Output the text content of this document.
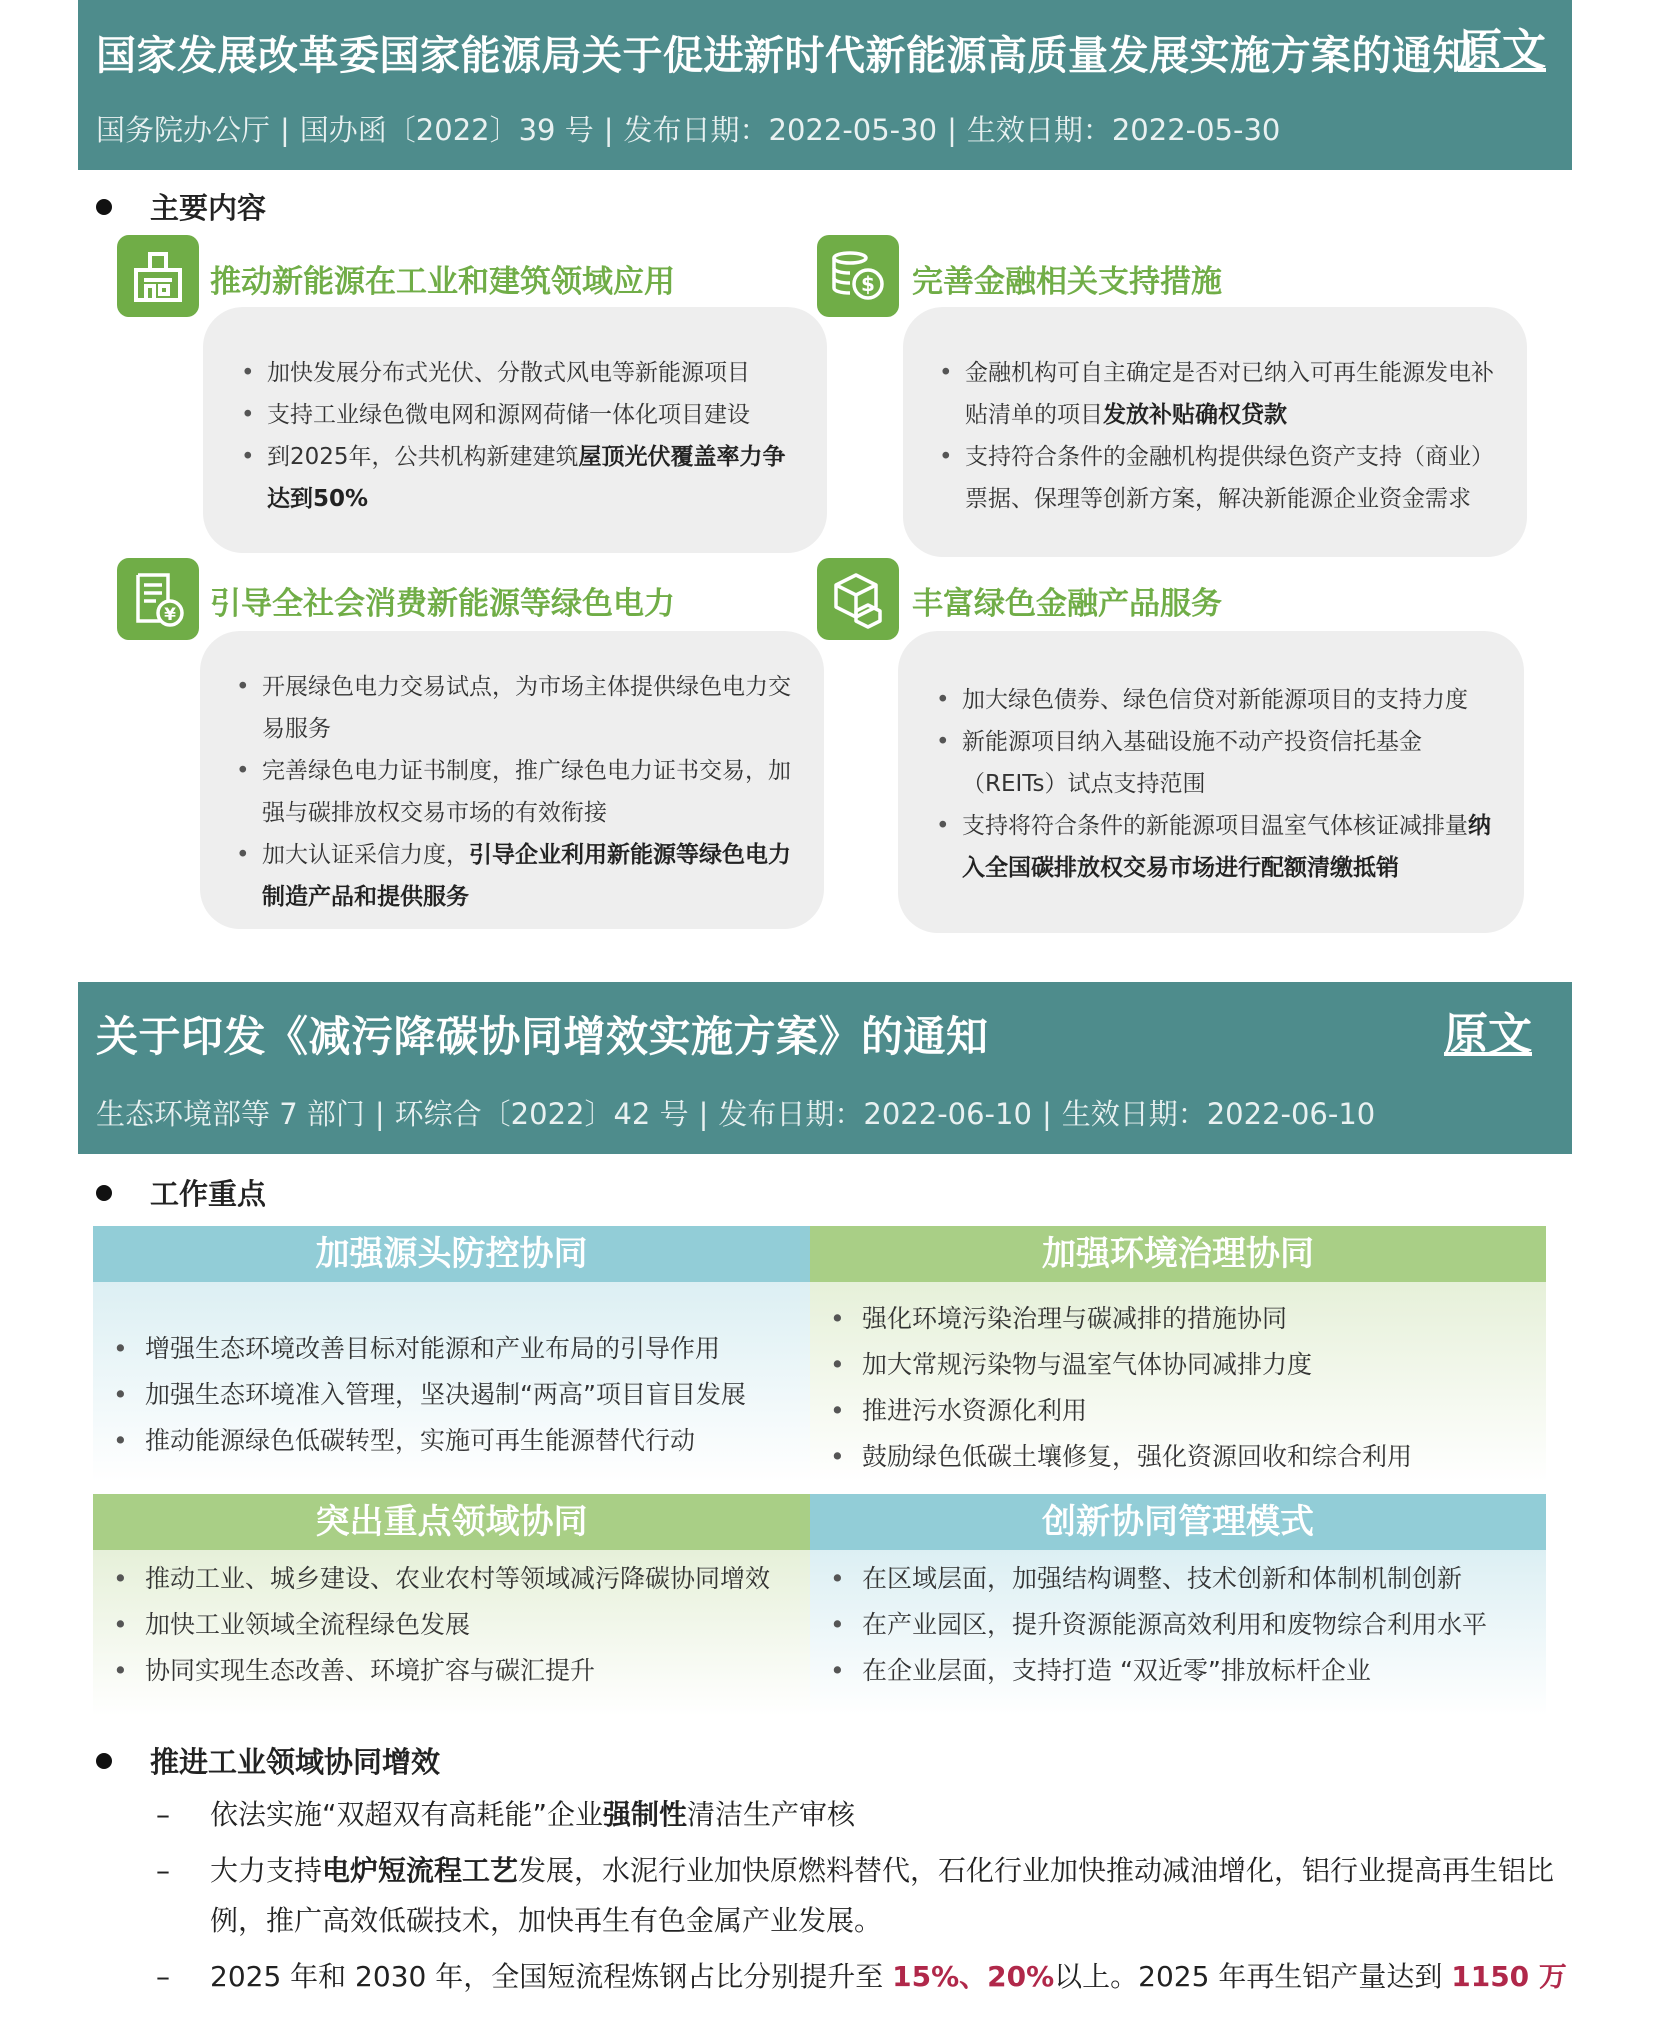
国家发展改革委国家能源局关于促进新时代新能源高质量发展实施方案的通知
原文
国务院办公厅 | 国办函〔2022〕39 号 | 发布日期：2022-05-30 | 生效日期：2022-05-30
主要内容
推动新能源在工业和建筑领域应用
• 加快发展分布式光伏、分散式风电等新能源项目
• 支持工业绿色微电网和源网荷储一体化项目建设
• 到2025年，公共机构新建建筑屋顶光伏覆盖率力争达到50%
$ 完善金融相关支持措施
• 金融机构可自主确定是否对已纳入可再生能源发电补贴清单的项目发放补贴确权贷款
• 支持符合条件的金融机构提供绿色资产支持（商业）票据、保理等创新方案，解决新能源企业资金需求
¥ 引导全社会消费新能源等绿色电力
• 开展绿色电力交易试点，为市场主体提供绿色电力交易服务
• 完善绿色电力证书制度，推广绿色电力证书交易，加强与碳排放权交易市场的有效衔接
• 加大认证采信力度，引导企业利用新能源等绿色电力制造产品和提供服务
丰富绿色金融产品服务
• 加大绿色债券、绿色信贷对新能源项目的支持力度
• 新能源项目纳入基础设施不动产投资信托基金（REITs）试点支持范围
• 支持将符合条件的新能源项目温室气体核证减排量纳入全国碳排放权交易市场进行配额清缴抵销
关于印发《减污降碳协同增效实施方案》的通知	原文
生态环境部等 7 部门 | 环综合〔2022〕42 号 | 发布日期：2022-06-10 | 生效日期：2022-06-10
工作重点
加强源头防控协同
• 增强生态环境改善目标对能源和产业布局的引导作用
• 加强生态环境准入管理，坚决遏制“两高”项目盲目发展
• 推动能源绿色低碳转型，实施可再生能源替代行动
加强环境治理协同
• 强化环境污染治理与碳减排的措施协同
• 加大常规污染物与温室气体协同减排力度
• 推进污水资源化利用
• 鼓励绿色低碳土壤修复，强化资源回收和综合利用
突出重点领域协同
• 推动工业、城乡建设、农业农村等领域减污降碳协同增效
• 加快工业领域全流程绿色发展
• 协同实现生态改善、环境扩容与碳汇提升
创新协同管理模式
• 在区域层面，加强结构调整、技术创新和体制机制创新
• 在产业园区，提升资源能源高效利用和废物综合利用水平
• 在企业层面，支持打造 “双近零”排放标杆企业
推进工业领域协同增效
– 依法实施“双超双有高耗能”企业强制性清洁生产审核
– 大力支持电炉短流程工艺发展，水泥行业加快原燃料替代，石化行业加快推动减油增化，铝行业提高再生铝比例，推广高效低碳技术，加快再生有色金属产业发展。
– 2025 年和 2030 年，全国短流程炼钢占比分别提升至 15%、20%以上。2025 年再生铝产量达到 1150 万
